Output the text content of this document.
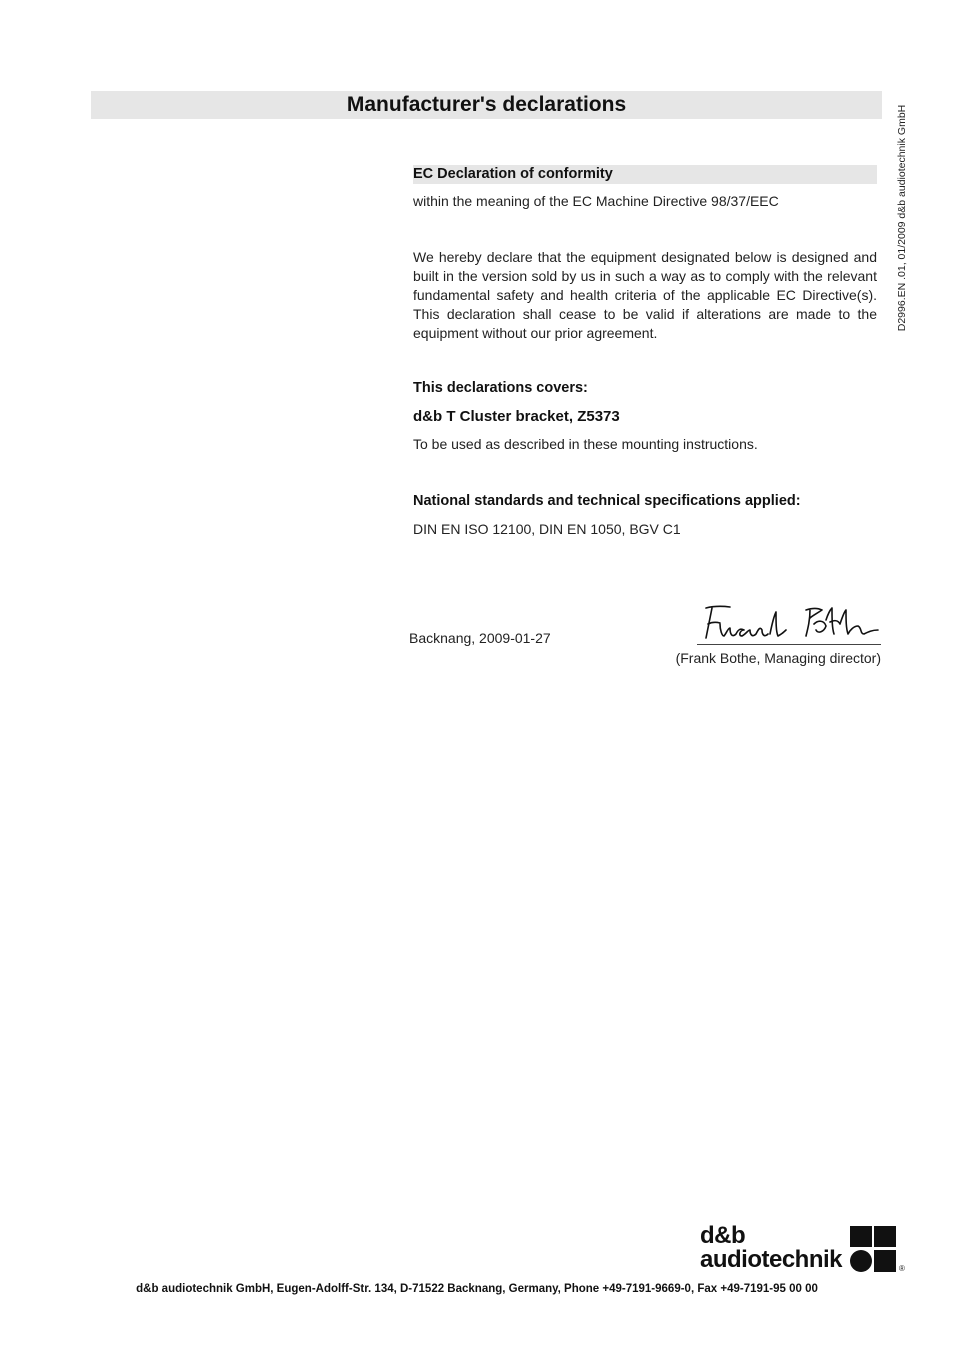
Manufacturer's declarations
D2996.EN .01, 01/2009 d&b audiotechnik GmbH
EC Declaration of conformity
within the meaning of the EC Machine Directive 98/37/EEC
We hereby declare that the equipment designated below is designed and built in the version sold by us in such a way as to comply with the relevant fundamental safety and health criteria of the applicable EC Directive(s). This declaration shall cease to be valid if alterations are made to the equipment without our prior agreement.
This declarations covers:
d&b T Cluster bracket, Z5373
To be used as described in these mounting instructions.
National standards and technical specifications applied:
DIN EN ISO 12100, DIN EN 1050, BGV C1
Backnang, 2009-01-27
(Frank Bothe, Managing director)
d&b
audiotechnik	®
d&b audiotechnik GmbH, Eugen-Adolff-Str. 134, D-71522 Backnang, Germany, Phone +49-7191-9669-0, Fax +49-7191-95 00 00
